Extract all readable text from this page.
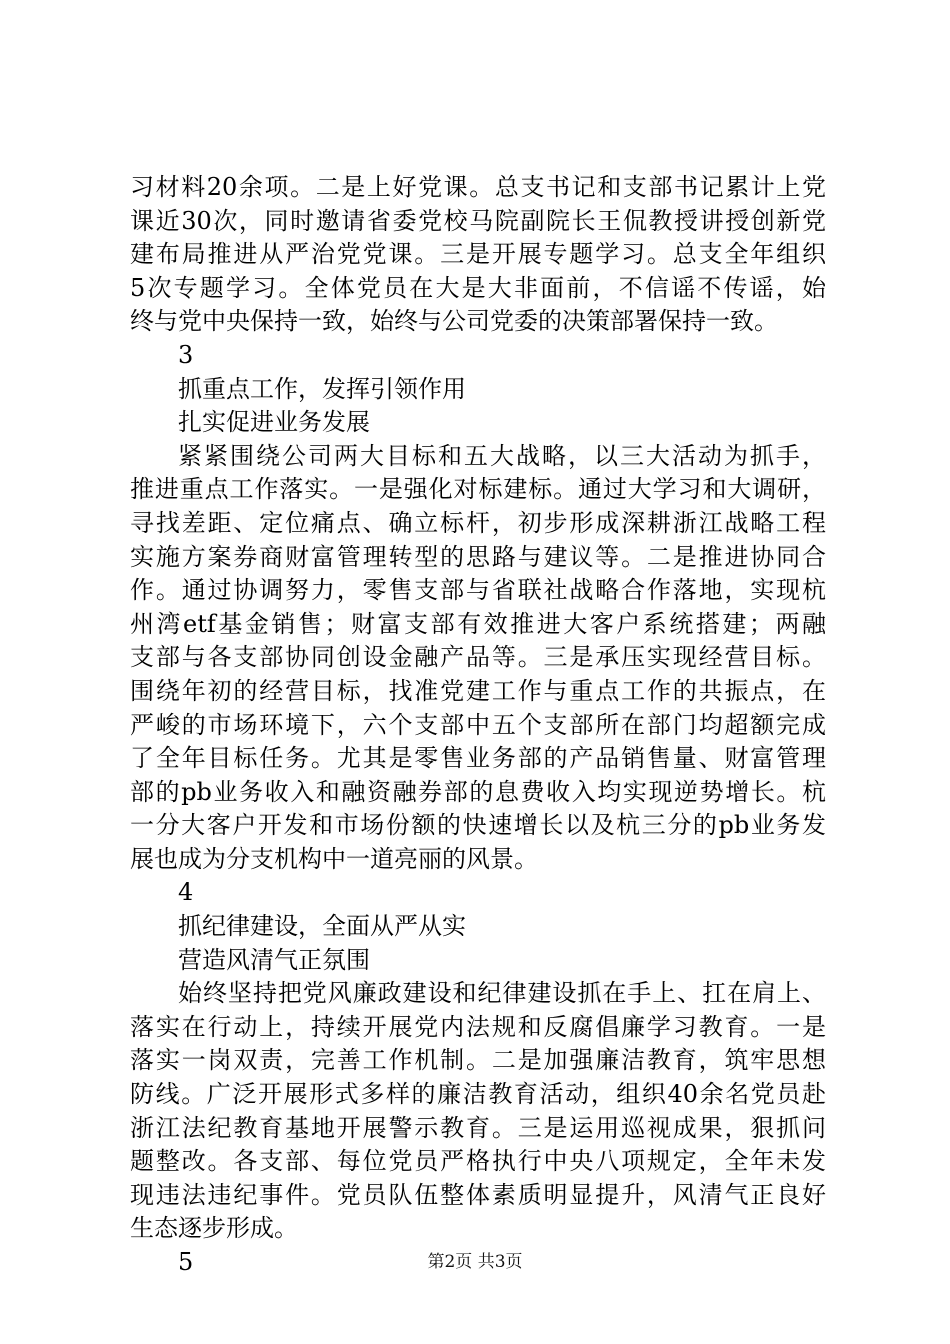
习材料20余项。二是上好党课。总支书记和支部书记累计上党
课近30次，同时邀请省委党校马院副院长王侃教授讲授创新党
建布局推进从严治党党课。三是开展专题学习。总支全年组织
5次专题学习。全体党员在大是大非面前，不信谣不传谣，始
终与党中央保持一致，始终与公司党委的决策部署保持一致。
3
抓重点工作，发挥引领作用
扎实促进业务发展
紧紧围绕公司两大目标和五大战略，以三大活动为抓手，
推进重点工作落实。一是强化对标建标。通过大学习和大调研，
寻找差距、定位痛点、确立标杆，初步形成深耕浙江战略工程
实施方案券商财富管理转型的思路与建议等。二是推进协同合
作。通过协调努力，零售支部与省联社战略合作落地，实现杭
州湾etf基金销售；财富支部有效推进大客户系统搭建；两融
支部与各支部协同创设金融产品等。三是承压实现经营目标。
围绕年初的经营目标，找准党建工作与重点工作的共振点，在
严峻的市场环境下，六个支部中五个支部所在部门均超额完成
了全年目标任务。尤其是零售业务部的产品销售量、财富管理
部的pb业务收入和融资融券部的息费收入均实现逆势增长。杭
一分大客户开发和市场份额的快速增长以及杭三分的pb业务发
展也成为分支机构中一道亮丽的风景。
4
抓纪律建设，全面从严从实
营造风清气正氛围
始终坚持把党风廉政建设和纪律建设抓在手上、扛在肩上、
落实在行动上，持续开展党内法规和反腐倡廉学习教育。一是
落实一岗双责，完善工作机制。二是加强廉洁教育，筑牢思想
防线。广泛开展形式多样的廉洁教育活动，组织40余名党员赴
浙江法纪教育基地开展警示教育。三是运用巡视成果，狠抓问
题整改。各支部、每位党员严格执行中央八项规定，全年未发
现违法违纪事件。党员队伍整体素质明显提升，风清气正良好
生态逐步形成。
5	第2页 共3页
